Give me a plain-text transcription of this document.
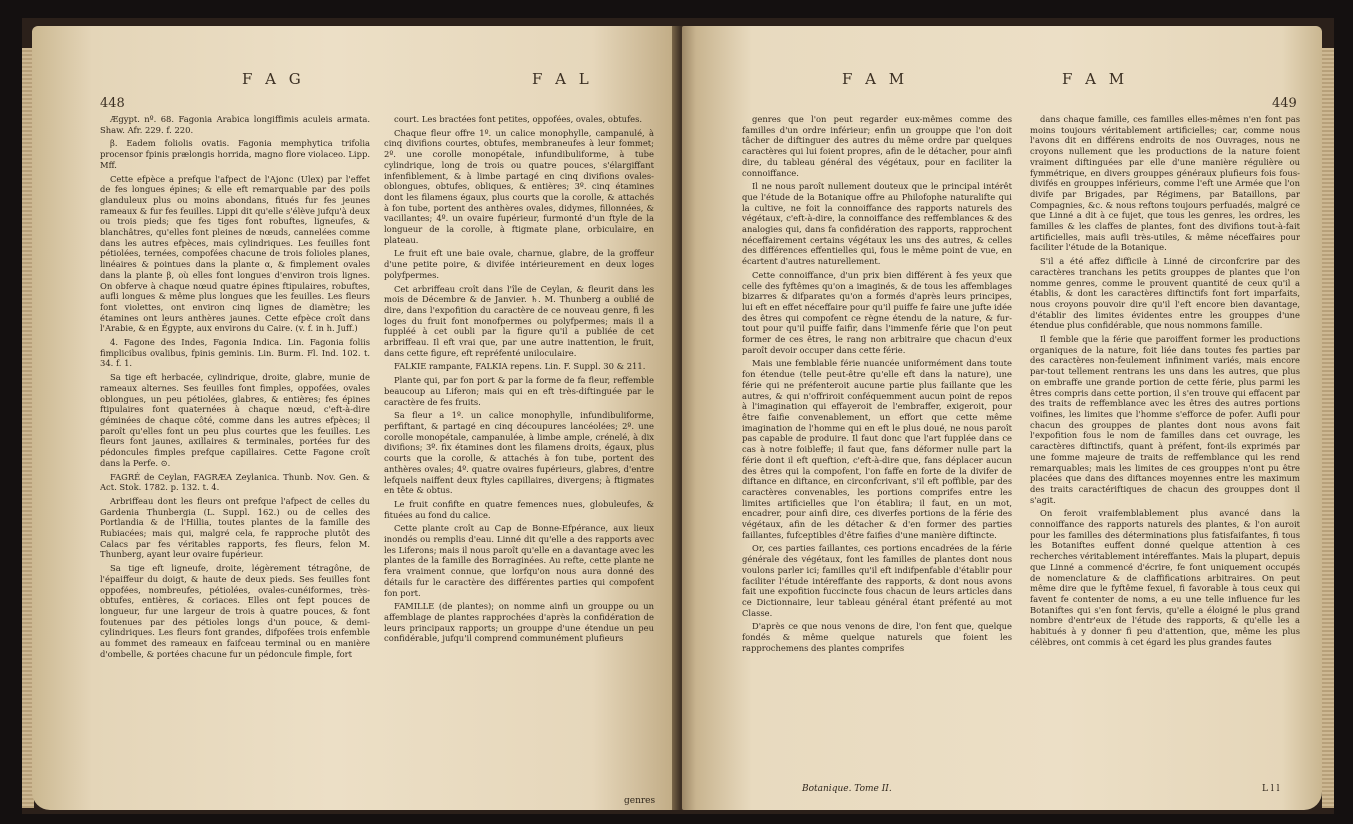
448
F A G	F A L

Ægypt. nº. 68. Fagonia Arabica longiffimis aculeis armata. Shaw. Afr. 229. f. 220.

β. Eadem foliolis ovatis. Fagonia memphytica trifolia procensor fpinis prælongis horrida, magno flore violaceo. Lipp. Mff.

Cette efpèce a prefque l'afpect de l'Ajonc (Ulex) par l'effet de fes longues épines; & elle eft remarquable par des poils glanduleux plus ou moins abondans, fitués fur fes jeunes rameaux & fur fes feuilles. Lippi dit qu'elle s'élève jufqu'à deux ou trois pieds; que fes tiges font robuftes, ligneufes, & blanchâtres, qu'elles font pleines de nœuds, cannelées comme dans les autres efpèces, mais cylindriques. Les feuilles font pétiolées, ternées, compofées chacune de trois folioles planes, linéaires & pointues dans la plante α, & fimplement ovales dans la plante β, où elles font longues d'environ trois lignes. On obferve à chaque nœud quatre épines ftipulaires, robuftes, aufli longues & même plus longues que les feuilles. Les fleurs font violettes, ont environ cinq lignes de diamètre; les étamines ont leurs anthères jaunes. Cette efpèce croît dans l'Arabie, & en Égypte, aux environs du Caire. (v. f. in h. Juff.)

4. Fagone des Indes, Fagonia Indica. Lin. Fagonia foliis fimplicibus ovalibus, fpinis geminis. Lin. Burm. Fl. Ind. 102. t. 34. f. 1.

Sa tige eft herbacée, cylindrique, droite, glabre, munie de rameaux alternes. Ses feuilles font fimples, oppofées, ovales oblongues, un peu pétiolées, glabres, & entières; fes épines ftipulaires font quaternées à chaque nœud, c'eft-à-dire géminées de chaque côté, comme dans les autres efpèces; il paroît qu'elles font un peu plus courtes que les feuilles. Les fleurs font jaunes, axillaires & terminales, portées fur des pédoncules fimples prefque capillaires. Cette Fagone croît dans la Perfe. ⊙.

FAGRÉ de Ceylan, FAGRÆA Zeylanica. Thunb. Nov. Gen. & Act. Stok. 1782. p. 132. t. 4.

Arbriffeau dont les fleurs ont prefque l'afpect de celles du Gardenia Thunbergia (L. Suppl. 162.) ou de celles des Portlandia & de l'Hillia, toutes plantes de la famille des Rubiacées; mais qui, malgré cela, fe rapproche plutôt des Calacs par fes véritables rapports, fes fleurs, felon M. Thunberg, ayant leur ovaire fupérieur.

Sa tige eft ligneufe, droite, légèrement tétragône, de l'épaiffeur du doigt, & haute de deux pieds. Ses feuilles font oppofées, nombreufes, pétiolées, ovales-cunéiformes, très-obtufes, entières, & coriaces. Elles ont fept pouces de longueur, fur une largeur de trois à quatre pouces, & font foutenues par des pétioles longs d'un pouce, & demi-cylindriques. Les fleurs font grandes, difpofées trois enfemble au fommet des rameaux en faifceau terminal ou en manière d'ombelle, & portées chacune fur un pédoncule fimple, fort

court. Les bractées font petites, oppofées, ovales, obtufes.

Chaque fleur offre 1º. un calice monophylle, campanulé, à cinq divifions courtes, obtufes, membraneufes à leur fommet; 2º. une corolle monopétale, infundibuliforme, à tube cylindrique, long de trois ou quatre pouces, s'élargiffant infenfiblement, & à limbe partagé en cinq divifions ovales-oblongues, obtufes, obliques, & entières; 3º. cinq étamines dont les filamens égaux, plus courts que la corolle, & attachés à fon tube, portent des anthères ovales, didymes, fillonnées, & vacillantes; 4º. un ovaire fupérieur, furmonté d'un ftyle de la longueur de la corolle, à ftigmate plane, orbiculaire, en plateau.

Le fruit eft une baie ovale, charnue, glabre, de la groffeur d'une petite poire, & divifée intérieurement en deux loges polyfpermes.

Cet arbriffeau croît dans l'île de Ceylan, & fleurit dans les mois de Décembre & de Janvier. ♄. M. Thunberg a oublié de dire, dans l'expofition du caractère de ce nouveau genre, fi les loges du fruit font monofpermes ou polyfpermes; mais il a fuppléé à cet oubli par la figure qu'il a publiée de cet arbriffeau. Il eft vrai que, par une autre inattention, le fruit, dans cette figure, eft repréfenté uniloculaire.

FALKIE rampante, FALKIA repens. Lin. F. Suppl. 30 & 211.

Plante qui, par fon port & par la forme de fa fleur, reffemble beaucoup au Liferon; mais qui en eft très-diftinguée par le caractère de fes fruits.

Sa fleur a 1º. un calice monophylle, infundibuliforme, perfiftant, & partagé en cinq découpures lancéolées; 2º. une corolle monopétale, campanulée, à limbe ample, crénelé, à dix divifions; 3º. fix étamines dont les filamens droits, égaux, plus courts que la corolle, & attachés à fon tube, portent des anthères ovales; 4º. quatre ovaires fupérieurs, glabres, d'entre lefquels naiffent deux ftyles capillaires, divergens; à ftigmates en tête & obtus.

Le fruit confifte en quatre femences nues, globuleufes, & fituées au fond du calice.

Cette plante croît au Cap de Bonne-Efpérance, aux lieux inondés ou remplis d'eau. Linné dit qu'elle a des rapports avec les Liferons; mais il nous paroît qu'elle en a davantage avec les plantes de la famille des Borraginées. Au refte, cette plante ne fera vraiment connue, que lorfqu'on nous aura donné des détails fur le caractère des différentes parties qui compofent fon port.

FAMILLE (de plantes); on nomme ainfi un grouppe ou un affemblage de plantes rapprochées d'après la confidération de leurs principaux rapports; un grouppe d'une étendue un peu confidérable, jufqu'il comprend communément plufieurs

genres
F A M	F A M
449

genres que l'on peut regarder eux-mêmes comme des familles d'un ordre inférieur; enfin un grouppe que l'on doit tâcher de diftinguer des autres du même ordre par quelques caractères qui lui foient propres, afin de le détacher, pour ainfi dire, du tableau général des végétaux, pour en faciliter la connoiffance.

Il ne nous paroît nullement douteux que le principal intérêt que l'étude de la Botanique offre au Philofophe naturalifte qui la cultive, ne foit la connoiffance des rapports naturels des végétaux, c'eft-à-dire, la connoiffance des reffemblances & des analogies qui, dans fa confidération des rapports, rapprochent néceffairement certains végétaux les uns des autres, & celles des différences effentielles qui, fous le même point de vue, en écartent d'autres naturellement.

Cette connoiffance, d'un prix bien différent à fes yeux que celle des fyftêmes qu'on a imaginés, & de tous les affemblages bizarres & difparates qu'on a formés d'après leurs principes, lui eft en effet néceffaire pour qu'il puiffe fe faire une jufte idée des êtres qui compofent ce règne étendu de la nature, & fur-tout pour qu'il puiffe faifir, dans l'immenfe férie que l'on peut former de ces êtres, le rang non arbitraire que chacun d'eux paroît devoir occuper dans cette férie.

Mais une femblable férie nuancée uniformément dans toute fon étendue (telle peut-être qu'elle eft dans la nature), une férie qui ne préfenteroit aucune partie plus faillante que les autres, & qui n'offriroit conféquemment aucun point de repos à l'imagination qui effayeroit de l'embraffer, exigeroit, pour être faifie convenablement, un effort que cette même imagination de l'homme qui en eft le plus doué, ne nous paroît pas capable de produire. Il faut donc que l'art fupplée dans ce cas à notre foibleffe; il faut que, fans déformer nulle part la férie dont il eft queftion, c'eft-à-dire que, fans déplacer aucun des êtres qui la compofent, l'on faffe en forte de la divifer de diftance en diftance, en circonfcrivant, s'il eft poffible, par des caractères convenables, les portions comprifes entre les limites artificielles que l'on établira; il faut, en un mot, encadrer, pour ainfi dire, ces diverfes portions de la férie des végétaux, afin de les détacher & d'en former des parties faillantes, fufceptibles d'être faifies d'une manière diftincte.

Or, ces parties faillantes, ces portions encadrées de la férie générale des végétaux, font les familles de plantes dont nous voulons parler ici; familles qu'il eft indifpenfable d'établir pour faciliter l'étude intéreffante des rapports, & dont nous avons fait une expofition fuccincte fous chacun de leurs articles dans ce Dictionnaire, leur tableau général étant préfenté au mot Classe.

D'après ce que nous venons de dire, l'on fent que, quelque fondés & même quelque naturels que foient les rapprochemens des plantes comprifes

dans chaque famille, ces familles elles-mêmes n'en font pas moins toujours véritablement artificielles; car, comme nous l'avons dit en différens endroits de nos Ouvrages, nous ne croyons nullement que les productions de la nature foient vraiment diftinguées par elle d'une manière régulière ou fymmétrique, en divers grouppes généraux plufieurs fois fous-divifés en grouppes inférieurs, comme l'eft une Armée que l'on divife par Brigades, par Régimens, par Bataillons, par Compagnies, &c. & nous reftons toujours perfuadés, malgré ce que Linné a dit à ce fujet, que tous les genres, les ordres, les familles & les claffes de plantes, font des divifions tout-à-fait artificielles, mais aufli très-utiles, & même néceffaires pour faciliter l'étude de la Botanique.

S'il a été affez difficile à Linné de circonfcrire par des caractères tranchans les petits grouppes de plantes que l'on nomme genres, comme le prouvent quantité de ceux qu'il a établis, & dont les caractères diftinctifs font fort imparfaits, nous croyons pouvoir dire qu'il l'eft encore bien davantage, d'établir des limites évidentes entre les grouppes d'une étendue plus confidérable, que nous nommons famille.

Il femble que la férie que paroiffent former les productions organiques de la nature, foit liée dans toutes fes parties par des caractères non-feulement infiniment variés, mais encore par-tout tellement rentrans les uns dans les autres, que plus on embraffe une grande portion de cette férie, plus parmi les êtres compris dans cette portion, il s'en trouve qui effacent par des traits de reffemblance avec les êtres des autres portions voifines, les limites que l'homme s'efforce de pofer. Aufli pour chacun des grouppes de plantes dont nous avons fait l'expofition fous le nom de familles dans cet ouvrage, les caractères diftinctifs, quant à préfent, font-ils exprimés par une fomme majeure de traits de reffemblance qui les rend remarquables; mais les limites de ces grouppes n'ont pu être placées que dans des diftances moyennes entre les maximum des traits caractériftiques de chacun des grouppes dont il s'agit.

On feroit vraifemblablement plus avancé dans la connoiffance des rapports naturels des plantes, & l'on auroit pour les familles des déterminations plus fatisfaifantes, fi tous les Botaniftes euffent donné quelque attention à ces recherches véritablement intéreffantes. Mais la plupart, depuis que Linné a commencé d'écrire, fe font uniquement occupés de nomenclature & de claffifications arbitraires. On peut même dire que le fyftême fexuel, fi favorable à tous ceux qui favent fe contenter de noms, a eu une telle influence fur les Botaniftes qui s'en font fervis, qu'elle a éloigné le plus grand nombre d'entr'eux de l'étude des rapports, & qu'elle les a habitués à y donner fi peu d'attention, que, même les plus célèbres, ont commis à cet égard les plus grandes fautes

Botanique. Tome II.	L l l
